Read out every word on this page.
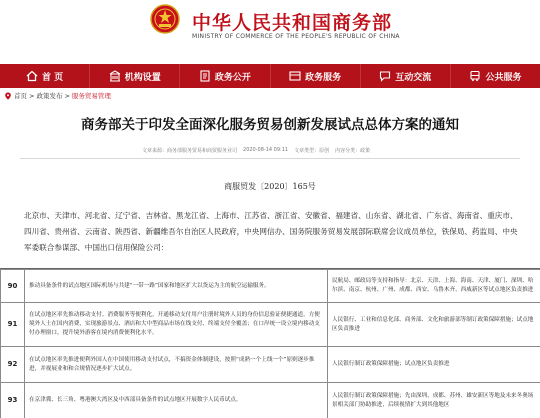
中华人民共和国商务部
MINISTRY OF COMMERCE OF THE PEOPLE'S REPUBLIC OF CHINA
首 页	机构设置	政务公开	政务服务	互动交流	公共服务
首页 > 政策发布 > 服务贸易管理
商务部关于印发全面深化服务贸易创新发展试点总体方案的通知
文章来源：商务部服务贸易和商贸服务业司 2020-08-14 09:11 文章类型：原创 内容分类：政策
商服贸发〔2020〕165号
北京市、天津市、河北省、辽宁省、吉林省、黑龙江省、上海市、江苏省、浙江省、安徽省、福建省、山东省、湖北省、广东省、海南省、重庆市、四川省、贵州省、云南省、陕西省、新疆维吾尔自治区人民政府，中央网信办、国务院服务贸易发展部际联席会议成员单位，铁保局、药监局、中央军委联合参谋部、中国出口信用保险公司：
90	推动具备条件的试点地区国际机场与共建“一带一路”国家和地区扩大以货运为主的航空运输服务。	民航局、邮政局等支持和指导：北京、天津、上海、海南、天津、厦门、深圳、哈尔滨、南京、杭州、广州、成都、西安、乌鲁木齐、西威新区等试点地区负责推进
91	在试点地区率先推动移动支付。消费服务等便利化，开通移动支付用户注册时境外人员的身份信息验证便捷通道，方便境外人士在国内消费，实现旅游景点、酒店和大中型商品市场在线支付、终端支付全覆盖；在口岸统一设立境内移动支付办理窗口，提升境外游客在境内消费便利化水平。	人民银行、工业和信息化部、商务部、文化和旅游部等制订政策保障措施；试点地区负责推进
92	在试点地区率先推进便利外国人在中国使用移动支付试点，不搞资金体制建设，按照“成熟一个上线一个”原则逐步推进，并视展业和和合规情况逐步扩大试点。	人民银行制订政策保障措施；试点地区负责推进
93	在京津冀、长三角、粤港澳大湾区及中西部具备条件的试点地区开展数字人民币试点。	人民银行制订政策保障措施；先由深圳、成都、苏州、雄安新区等地及未来冬奥场景相关部门协助推进，后续视情扩大到其他地区
